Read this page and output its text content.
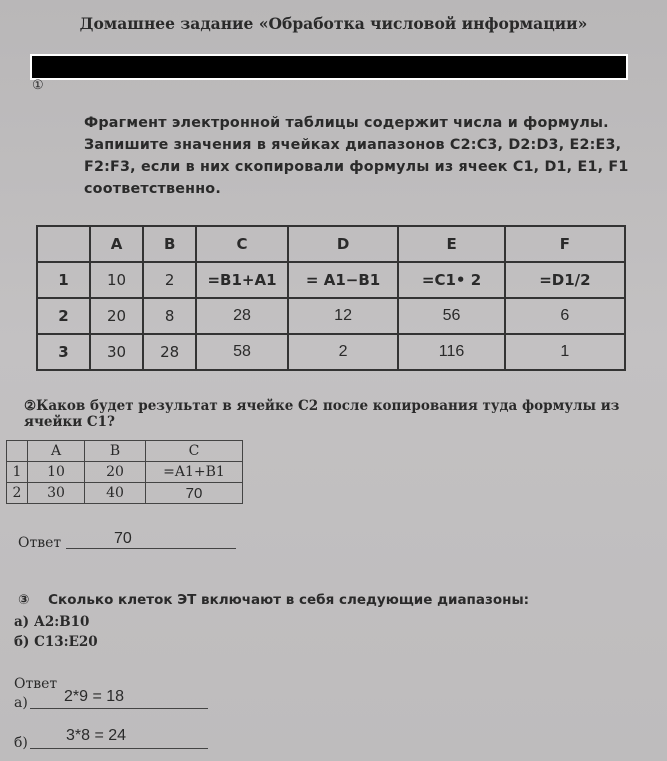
Домашнее задание «Обработка числовой информации»
①
Фрагмент электронной таблицы содержит числа и формулы. Запишите значения в ячейках диапазонов C2:C3, D2:D3, E2:E3, F2:F3, если в них скопировали формулы из ячеек C1, D1, E1, F1 соответственно.
	A	B	C	D	E	F
1	10	2	=B1+A1	= A1−B1	=C1• 2	=D1/2
2	20	8	28	12	56	6
3	30	28	58	2	116	1
②Каков будет результат в ячейке С2 после копирования туда формулы из ячейки С1?
	A	B	C
1	10	20	=A1+B1
2	30	40	70
Ответ	70
③ Сколько клеток ЭТ включают в себя следующие диапазоны:
а) А2:В10
б) С13:Е20
Ответ
а) 2*9 = 18
б) 3*8 = 24
